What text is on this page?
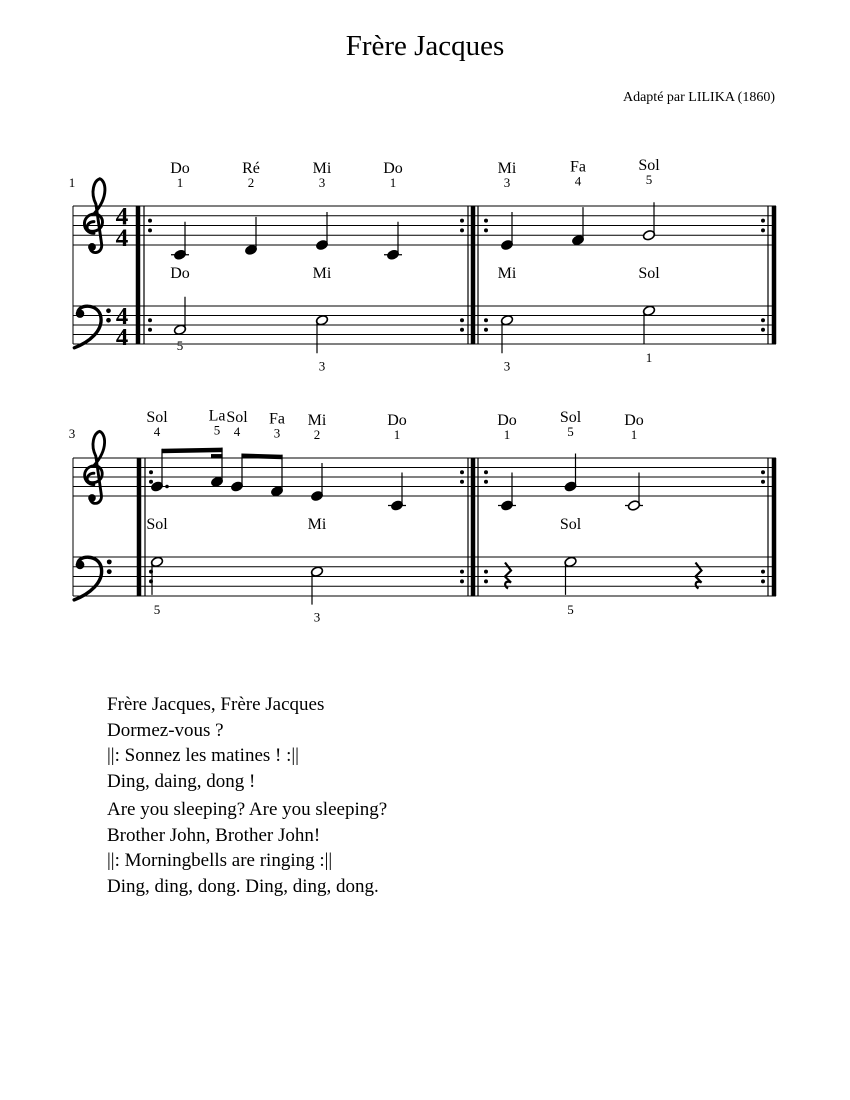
Frère Jacques
Adapté par LILIKA (1860)
1
4
4
4
4
Do
1
Ré
2
Mi
3
Do
1
Do
5
Mi
3
Mi
3
Fa
4
Sol
5
Mi
3
Sol
1
3
Sol
4
La
5
Sol
4
Fa
3
Mi
2
Do
1
Sol
5
Mi
3
Do
1
Sol
5
Do
1
Sol
5
Frère Jacques, Frère Jacques
Dormez-vous ?
||: Sonnez les matines ! :||
Ding, daing, dong !
Are you sleeping? Are you sleeping?
Brother John, Brother John!
||: Morningbells are ringing :||
Ding, ding, dong. Ding, ding, dong.
